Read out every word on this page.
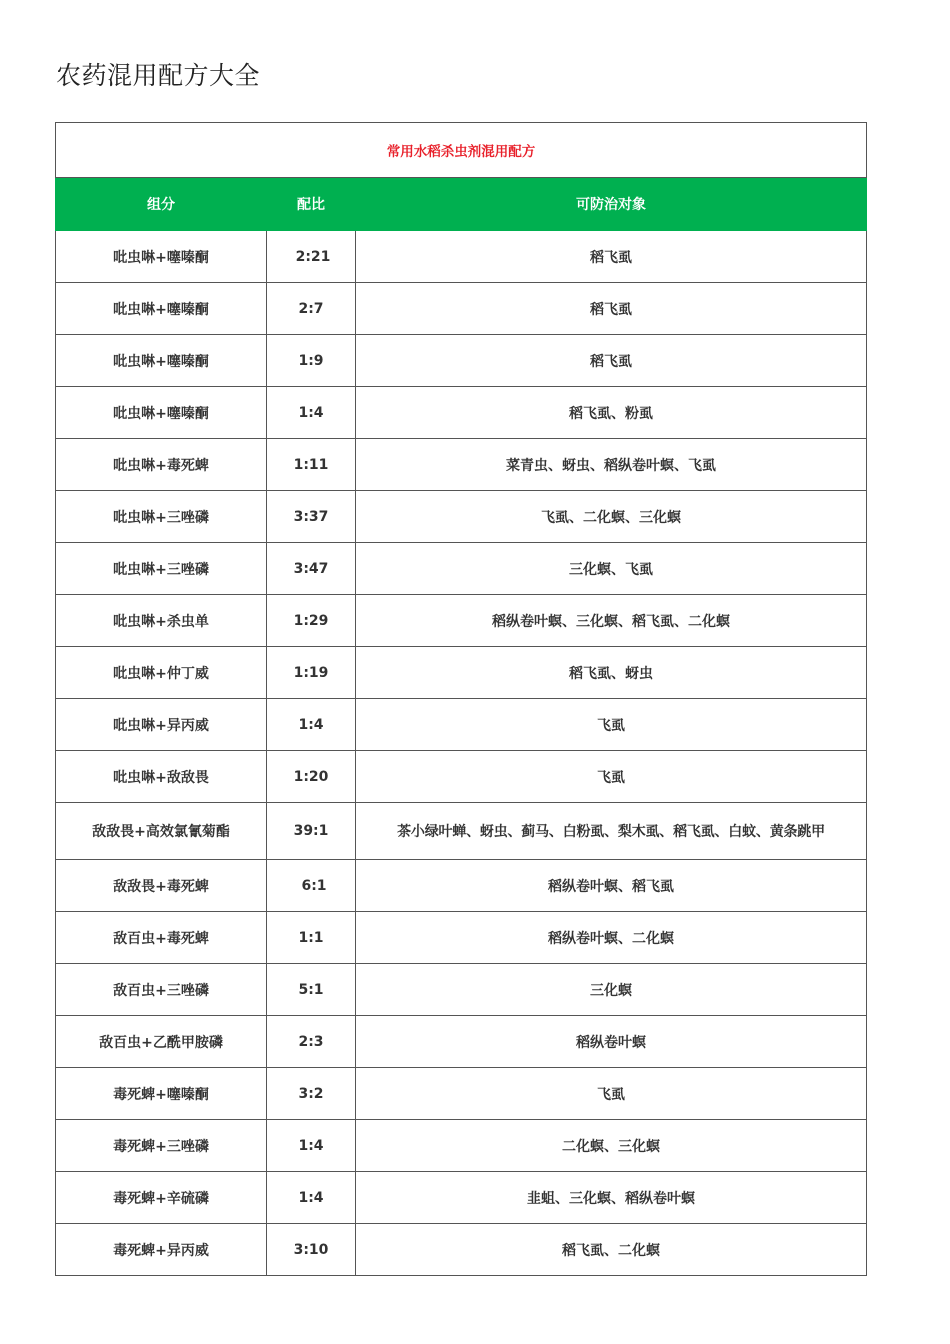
农药混用配方大全
常用水稻杀虫剂混用配方		
组分	配比	可防治对象
吡虫啉+噻嗪酮	2:21	稻飞虱
吡虫啉+噻嗪酮	2:7	稻飞虱
吡虫啉+噻嗪酮	1:9	稻飞虱
吡虫啉+噻嗪酮	1:4	稻飞虱、粉虱
吡虫啉+毒死蜱	1:11	菜青虫、蚜虫、稻纵卷叶螟、飞虱
吡虫啉+三唑磷	3:37	飞虱、二化螟、三化螟
吡虫啉+三唑磷	3:47	三化螟、飞虱
吡虫啉+杀虫单	1:29	稻纵卷叶螟、三化螟、稻飞虱、二化螟
吡虫啉+仲丁威	1:19	稻飞虱、蚜虫
吡虫啉+异丙威	1:4	飞虱
吡虫啉+敌敌畏	1:20	飞虱
敌敌畏+高效氯氰菊酯	39:1	茶小绿叶蝉、蚜虫、蓟马、白粉虱、梨木虱、稻飞虱、白蚊、黄条跳甲
敌敌畏+毒死蜱	6:1	稻纵卷叶螟、稻飞虱
敌百虫+毒死蜱	1:1	稻纵卷叶螟、二化螟
敌百虫+三唑磷	5:1	三化螟
敌百虫+乙酰甲胺磷	2:3	稻纵卷叶螟
毒死蜱+噻嗪酮	3:2	飞虱
毒死蜱+三唑磷	1:4	二化螟、三化螟
毒死蜱+辛硫磷	1:4	韭蛆、三化螟、稻纵卷叶螟
毒死蜱+异丙威	3:10	稻飞虱、二化螟
